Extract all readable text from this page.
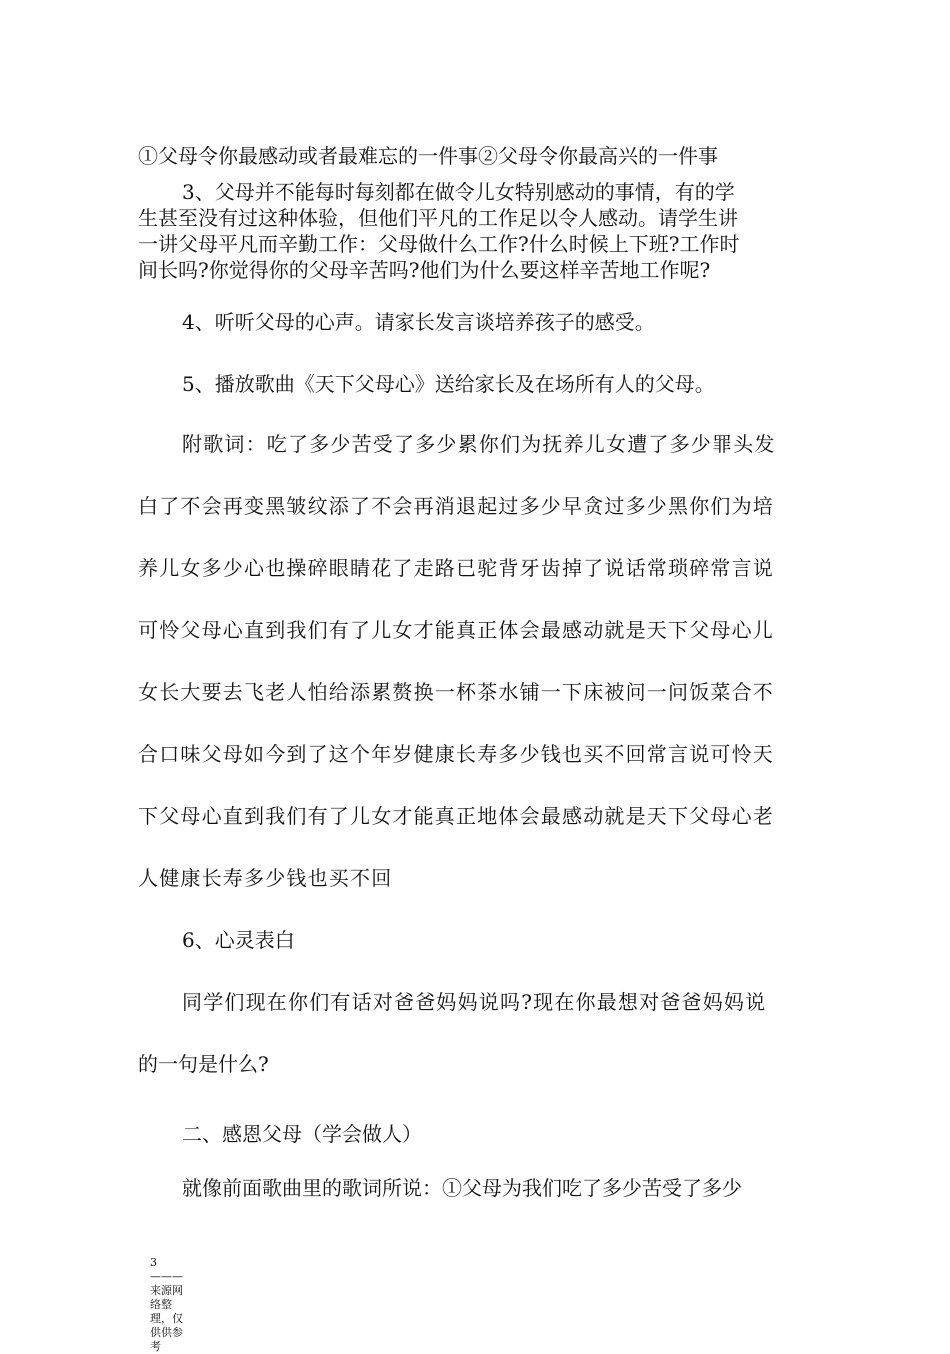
①父母令你最感动或者最难忘的一件事②父母令你最高兴的一件事
3、父母并不能每时每刻都在做令儿女特别感动的事情，有的学
生甚至没有过这种体验，但他们平凡的工作足以令人感动。请学生讲
一讲父母平凡而辛勤工作：父母做什么工作?什么时候上下班?工作时
间长吗?你觉得你的父母辛苦吗?他们为什么要这样辛苦地工作呢?
4、听听父母的心声。请家长发言谈培养孩子的感受。
5、播放歌曲《天下父母心》送给家长及在场所有人的父母。
附歌词：吃了多少苦受了多少累你们为抚养儿女遭了多少罪头发
白了不会再变黑皱纹添了不会再消退起过多少早贪过多少黑你们为培
养儿女多少心也操碎眼睛花了走路已驼背牙齿掉了说话常琐碎常言说
可怜父母心直到我们有了儿女才能真正体会最感动就是天下父母心儿
女长大要去飞老人怕给添累赘换一杯茶水铺一下床被问一问饭菜合不
合口味父母如今到了这个年岁健康长寿多少钱也买不回常言说可怜天
下父母心直到我们有了儿女才能真正地体会最感动就是天下父母心老
人健康长寿多少钱也买不回
6、心灵表白
同学们现在你们有话对爸爸妈妈说吗?现在你最想对爸爸妈妈说
的一句是什么?
二、感恩父母（学会做人）
就像前面歌曲里的歌词所说：①父母为我们吃了多少苦受了多少
3———来源网络整理，仅供供参考
